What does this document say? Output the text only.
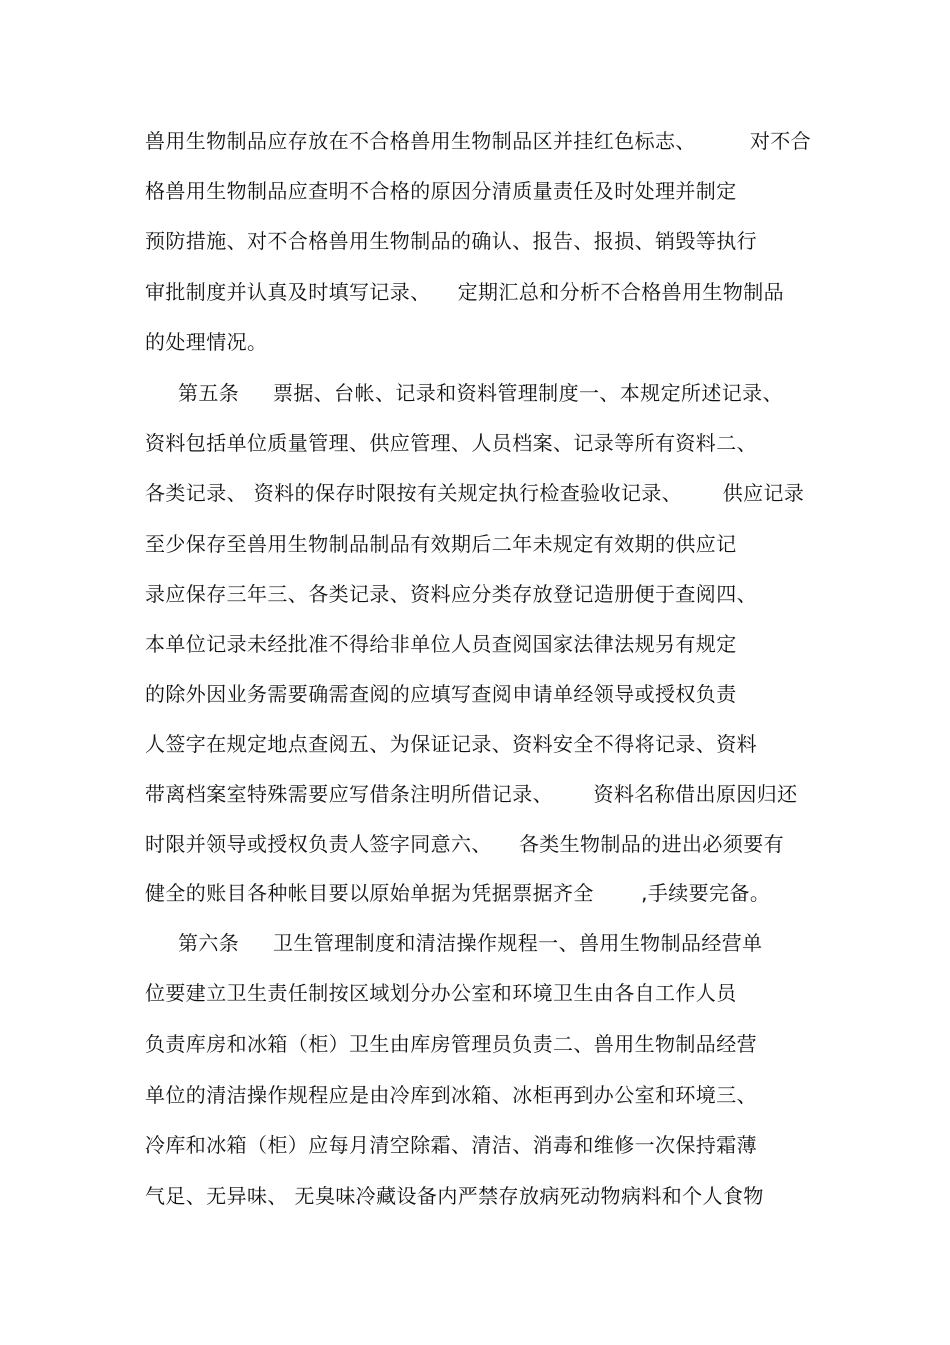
兽用生物制品应存放在不合格兽用生物制品区并挂红色标志、        对不合
格兽用生物制品应查明不合格的原因分清质量责任及时处理并制定
预防措施、对不合格兽用生物制品的确认、报告、报损、销毁等执行
审批制度并认真及时填写记录、    定期汇总和分析不合格兽用生物制品
的处理情况。
第五条     票据、台帐、记录和资料管理制度一、本规定所述记录、
资料包括单位质量管理、供应管理、人员档案、记录等所有资料二、
各类记录、 资料的保存时限按有关规定执行检查验收记录、      供应记录
至少保存至兽用生物制品制品有效期后二年未规定有效期的供应记
录应保存三年三、各类记录、资料应分类存放登记造册便于查阅四、
本单位记录未经批准不得给非单位人员查阅国家法律法规另有规定
的除外因业务需要确需查阅的应填写查阅申请单经领导或授权负责
人签字在规定地点查阅五、为保证记录、资料安全不得将记录、资料
带离档案室特殊需要应写借条注明所借记录、      资料名称借出原因归还
时限并领导或授权负责人签字同意六、    各类生物制品的进出必须要有
健全的账目各种帐目要以原始单据为凭据票据齐全       ,手续要完备。
第六条     卫生管理制度和清洁操作规程一、兽用生物制品经营单
位要建立卫生责任制按区域划分办公室和环境卫生由各自工作人员
负责库房和冰箱（柜）卫生由库房管理员负责二、兽用生物制品经营
单位的清洁操作规程应是由冷库到冰箱、冰柜再到办公室和环境三、
冷库和冰箱（柜）应每月清空除霜、清洁、消毒和维修一次保持霜薄
气足、无异味、 无臭味冷藏设备内严禁存放病死动物病料和个人食物
